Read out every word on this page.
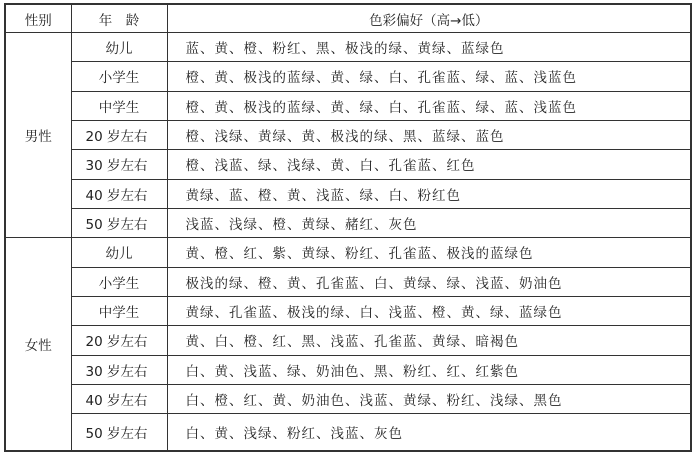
性别	年　龄	色彩偏好（高→低）
男性	幼儿	蓝、黄、橙、粉红、黑、极浅的绿、黄绿、蓝绿色
	小学生	橙、黄、极浅的蓝绿、黄、绿、白、孔雀蓝、绿、蓝、浅蓝色
	中学生	橙、黄、极浅的蓝绿、黄、绿、白、孔雀蓝、绿、蓝、浅蓝色
	20 岁左右	橙、浅绿、黄绿、黄、极浅的绿、黑、蓝绿、蓝色
	30 岁左右	橙、浅蓝、绿、浅绿、黄、白、孔雀蓝、红色
	40 岁左右	黄绿、蓝、橙、黄、浅蓝、绿、白、粉红色
	50 岁左右	浅蓝、浅绿、橙、黄绿、赭红、灰色
女性	幼儿	黄、橙、红、紫、黄绿、粉红、孔雀蓝、极浅的蓝绿色
	小学生	极浅的绿、橙、黄、孔雀蓝、白、黄绿、绿、浅蓝、奶油色
	中学生	黄绿、孔雀蓝、极浅的绿、白、浅蓝、橙、黄、绿、蓝绿色
	20 岁左右	黄、白、橙、红、黑、浅蓝、孔雀蓝、黄绿、暗褐色
	30 岁左右	白、黄、浅蓝、绿、奶油色、黑、粉红、红、红紫色
	40 岁左右	白、橙、红、黄、奶油色、浅蓝、黄绿、粉红、浅绿、黑色
	50 岁左右	白、黄、浅绿、粉红、浅蓝、灰色
